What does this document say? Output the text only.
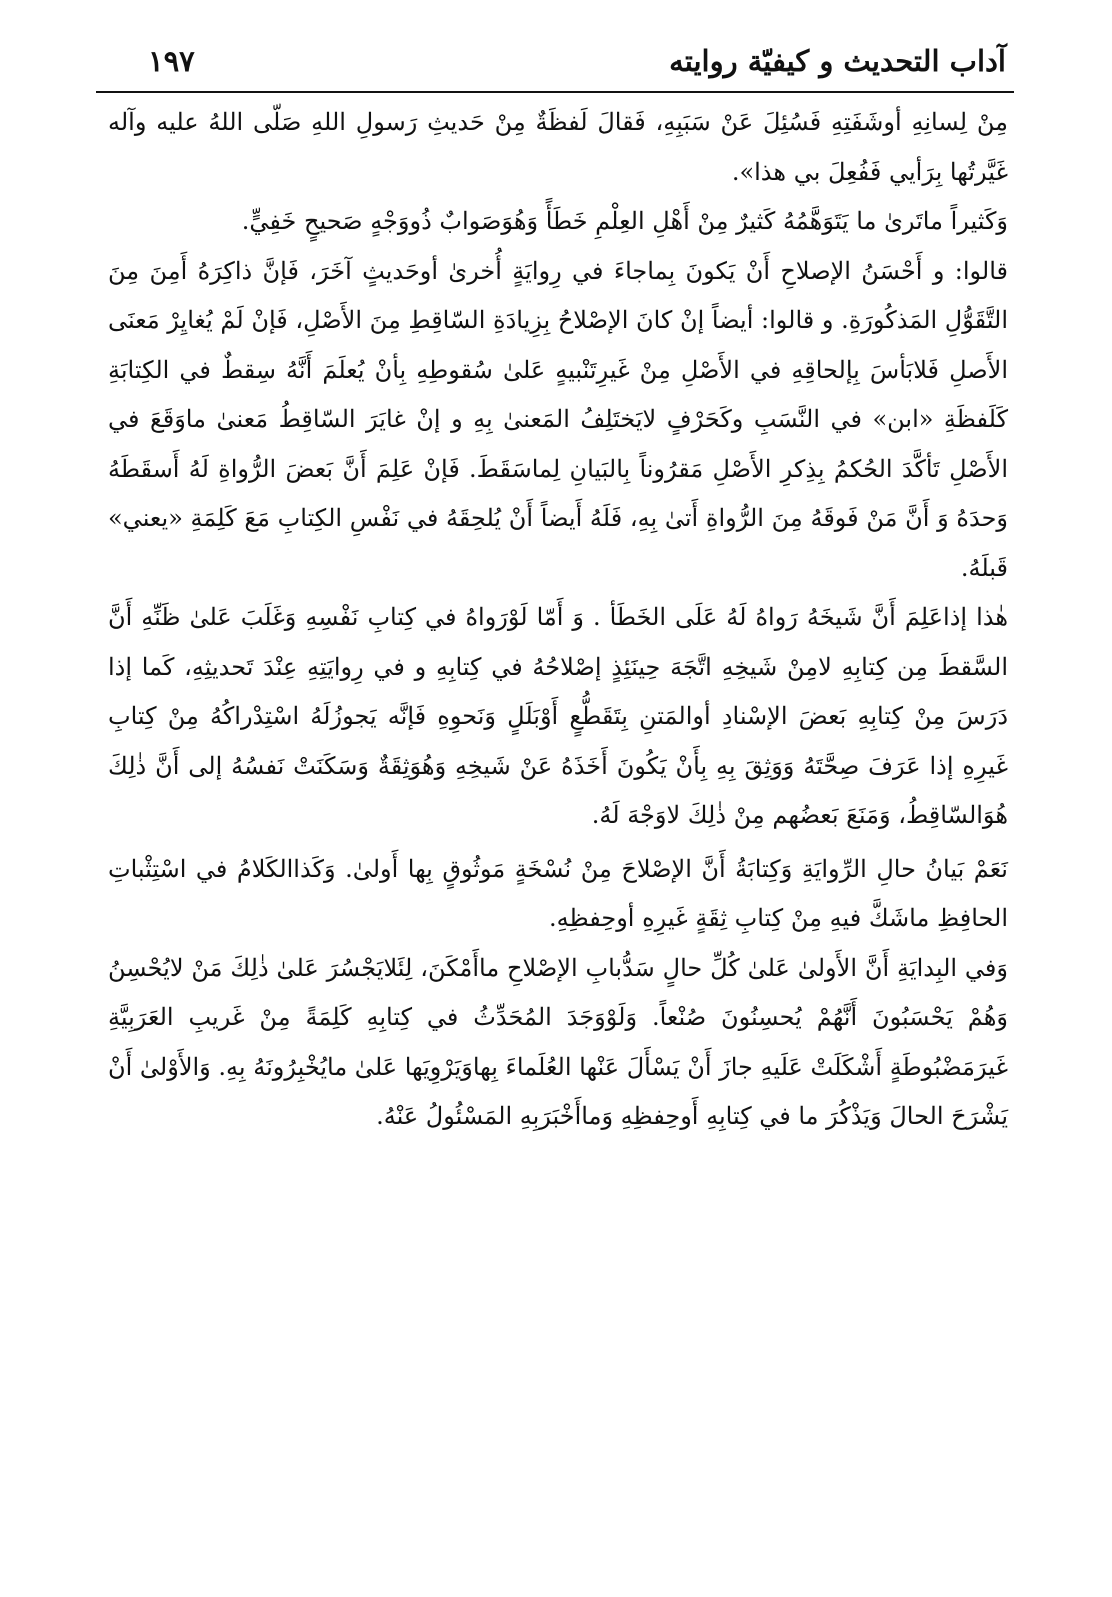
آداب التحديث و كيفيّة روايته
١٩٧

مِنْ لِسانِهِ أوشَفَتِهِ فَسُئِلَ عَنْ سَبَبِهِ، فَقالَ لَفظَةٌ مِنْ حَديثِ رَسولِ اللهِ صَلّى اللهُ عليه وآله غَيَّرتُها بِرَأيي فَفُعِلَ بي هذا».

وَكَثيراً ماتَرىٰ ما يَتَوَهَّمُهُ كَثيرٌ مِنْ أَهْلِ العِلْمِ خَطَأً وَهُوَصَوابٌ ذُووَجْهٍ صَحيحٍ خَفِيٍّ.

قالوا: و أَحْسَنُ الإصلاحِ أَنْ يَكونَ بِماجاءَ في رِوايَةٍ أُخرىٰ أوحَديثٍ آخَرَ، فَإنَّ ذاكِرَهُ أَمِنَ مِنَ التَّقَوُّلِ المَذكُورَةِ. و قالوا: أيضاً إنْ كانَ الإصْلاحُ بِزِيادَةِ السّاقِطِ مِنَ الأَصْلِ، فَإنْ لَمْ يُغايِرْ مَعنَى الأَصلِ فَلابَأسَ بِإلحاقِهِ في الأَصْلِ مِنْ غَيرِتَنْبيهٍ عَلىٰ سُقوطِهِ بِأنْ يُعلَمَ أَنَّهُ سِقطٌ في الكِتابَةِ كَلَفظَةِ «ابن» في النَّسَبِ وكَحَرْفٍ لايَختَلِفُ المَعنىٰ بِهِ و إنْ غايَرَ السّاقِطُ مَعنىٰ ماوَقَعَ في الأَصْلِ تَأكَّدَ الحُكمُ بِذِكرِ الأَصْلِ مَقرُوناً بِالبَيانِ لِماسَقَطَ. فَإنْ عَلِمَ أَنَّ بَعضَ الرُّواةِ لَهُ أَسقَطَهُ وَحدَهُ وَ أَنَّ مَنْ فَوقَهُ مِنَ الرُّواةِ أَتىٰ بِهِ، فَلَهُ أَيضاً أَنْ يُلحِقَهُ في نَفْسِ الكِتابِ مَعَ كَلِمَةِ «يعني» قَبلَهُ.

هٰذا إذاعَلِمَ أَنَّ شَيخَهُ رَواهُ لَهُ عَلَى الخَطَأ . وَ أَمّا لَوْرَواهُ في كِتابِ نَفْسِهِ وَغَلَبَ عَلىٰ ظَنِّهِ أَنَّ السَّقطَ مِن كِتابِهِ لامِنْ شَيخِهِ اتَّجَهَ حِينَئِذٍ إصْلاحُهُ في كِتابِهِ و في رِوايَتِهِ عِنْدَ تَحديثِهِ، كَما إذا دَرَسَ مِنْ كِتابِهِ بَعضَ الإسْنادِ أوالمَتنِ بِتَقَطُّعٍ أَوْبَلَلٍ وَنَحوِهِ فَإنَّه يَجوزُلَهُ اسْتِدْراكُهُ مِنْ كِتابِ غَيرِهِ إذا عَرَفَ صِحَّتَهُ وَوَثِقَ بِهِ بِأَنْ يَكُونَ أَخَذَهُ عَنْ شَيخِهِ وَهُوَثِقَةٌ وَسَكَنَتْ نَفسُهُ إلى أَنَّ ذٰلِكَ هُوَالسّاقِطُ، وَمَنَعَ بَعضُهم مِنْ ذٰلِكَ لاوَجْهَ لَهُ.

نَعَمْ بَيانُ حالِ الرِّوايَةِ وَكِتابَةُ أَنَّ الإصْلاحَ مِنْ نُسْخَةٍ مَوثُوقٍ بِها أَولىٰ. وَكَذاالكَلامُ في اسْتِثْباتِ الحافِظِ ماشَكَّ فيهِ مِنْ كِتابِ ثِقَةٍ غَيرِهِ أوحِفظِهِ.

وَفي البِدايَةِ أَنَّ الأَولىٰ عَلىٰ كُلِّ حالٍ سَدُّبابِ الإصْلاحِ ماأَمْكَنَ، لِئَلايَجْسُرَ عَلىٰ ذٰلِكَ مَنْ لايُحْسِنُ وَهُمْ يَحْسَبُونَ أَنَّهُمْ يُحسِنُونَ صُنْعاً. وَلَوْوَجَدَ المُحَدِّثُ في كِتابِهِ كَلِمَةً مِنْ غَريبِ العَرَبِيَّةِ غَيرَمَضْبُوطَةٍ أَشْكَلَتْ عَلَيهِ جازَ أَنْ يَسْأَلَ عَنْها العُلَماءَ بِهاوَيَرْوِيَها عَلىٰ مايُخْبِرُونَهُ بِهِ. وَالأَوْلىٰ أَنْ يَشْرَحَ الحالَ وَيَذْكُرَ ما في كِتابِهِ أَوحِفظِهِ وَماأَخْبَرَبِهِ المَسْئُولُ عَنْهُ.
